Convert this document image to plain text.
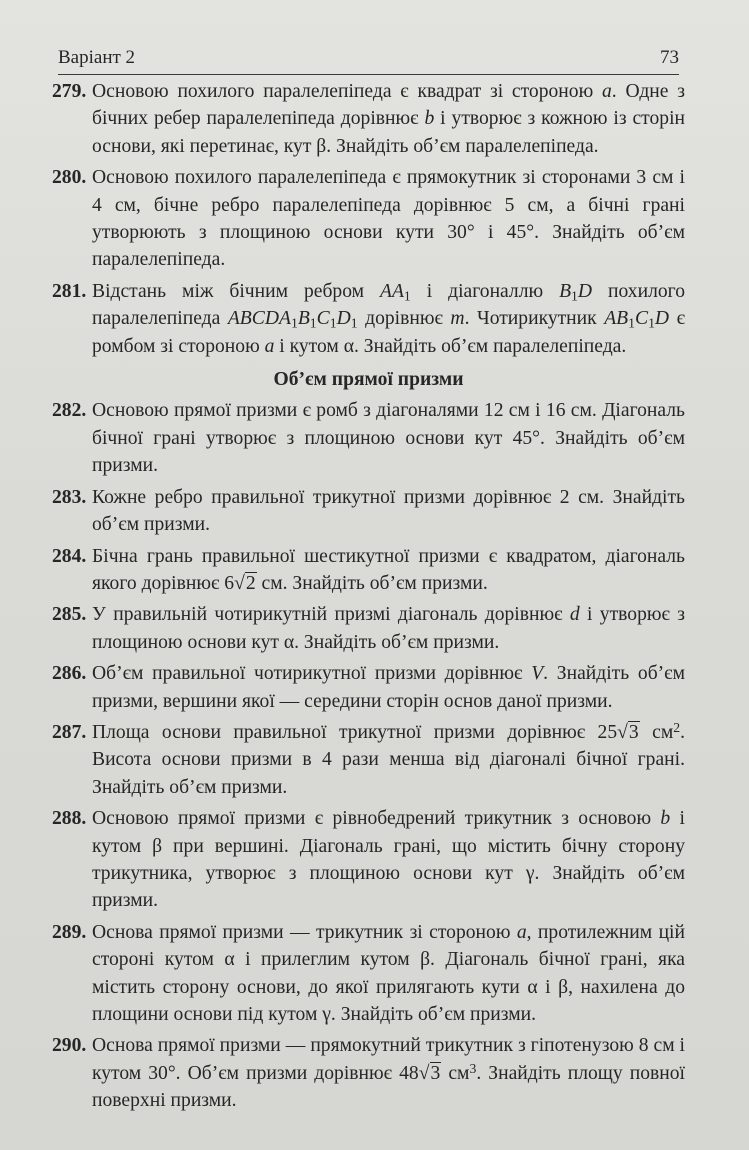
Варіант 2	73
279. Основою похилого паралелепіпеда є квадрат зі стороною a. Одне з бічних ребер паралелепіпеда дорівнює b і утворює з кожною із сторін основи, які перетинає, кут β. Знайдіть об’єм паралелепіпеда.
280. Основою похилого паралелепіпеда є прямокутник зі сторонами 3 см і 4 см, бічне ребро паралелепіпеда дорівнює 5 см, а бічні грані утворюють з площиною основи кути 30° і 45°. Знайдіть об’єм паралелепіпеда.
281. Відстань між бічним ребром $AA_1$ і діагоналлю $B_1D$ похилого паралелепіпеда $ABCDA_1B_1C_1D_1$ дорівнює m. Чотирикутник $AB_1C_1D$ є ромбом зі стороною a і кутом α. Знайдіть об’єм паралелепіпеда.
Об’єм прямої призми
282. Основою прямої призми є ромб з діагоналями 12 см і 16 см. Діагональ бічної грані утворює з площиною основи кут 45°. Знайдіть об’єм призми.
283. Кожне ребро правильної трикутної призми дорівнює 2 см. Знайдіть об’єм призми.
284. Бічна грань правильної шестикутної призми є квадратом, діагональ якого дорівнює 6√2 см. Знайдіть об’єм призми.
285. У правильній чотирикутній призмі діагональ дорівнює d і утворює з площиною основи кут α. Знайдіть об’єм призми.
286. Об’єм правильної чотирикутної призми дорівнює V. Знайдіть об’єм призми, вершини якої — середини сторін основ даної призми.
287. Площа основи правильної трикутної призми дорівнює 25√3 $см^2$. Висота основи призми в 4 рази менша від діагоналі бічної грані. Знайдіть об’єм призми.
288. Основою прямої призми є рівнобедрений трикутник з основою b і кутом β при вершині. Діагональ грані, що містить бічну сторону трикутника, утворює з площиною основи кут γ. Знайдіть об’єм призми.
289. Основа прямої призми — трикутник зі стороною a, протилежним цій стороні кутом α і прилеглим кутом β. Діагональ бічної грані, яка містить сторону основи, до якої прилягають кути α і β, нахилена до площини основи під кутом γ. Знайдіть об’єм призми.
290. Основа прямої призми — прямокутний трикутник з гіпотенузою 8 см і кутом 30°. Об’єм призми дорівнює 48√3 $см^3$. Знайдіть площу повної поверхні призми.
